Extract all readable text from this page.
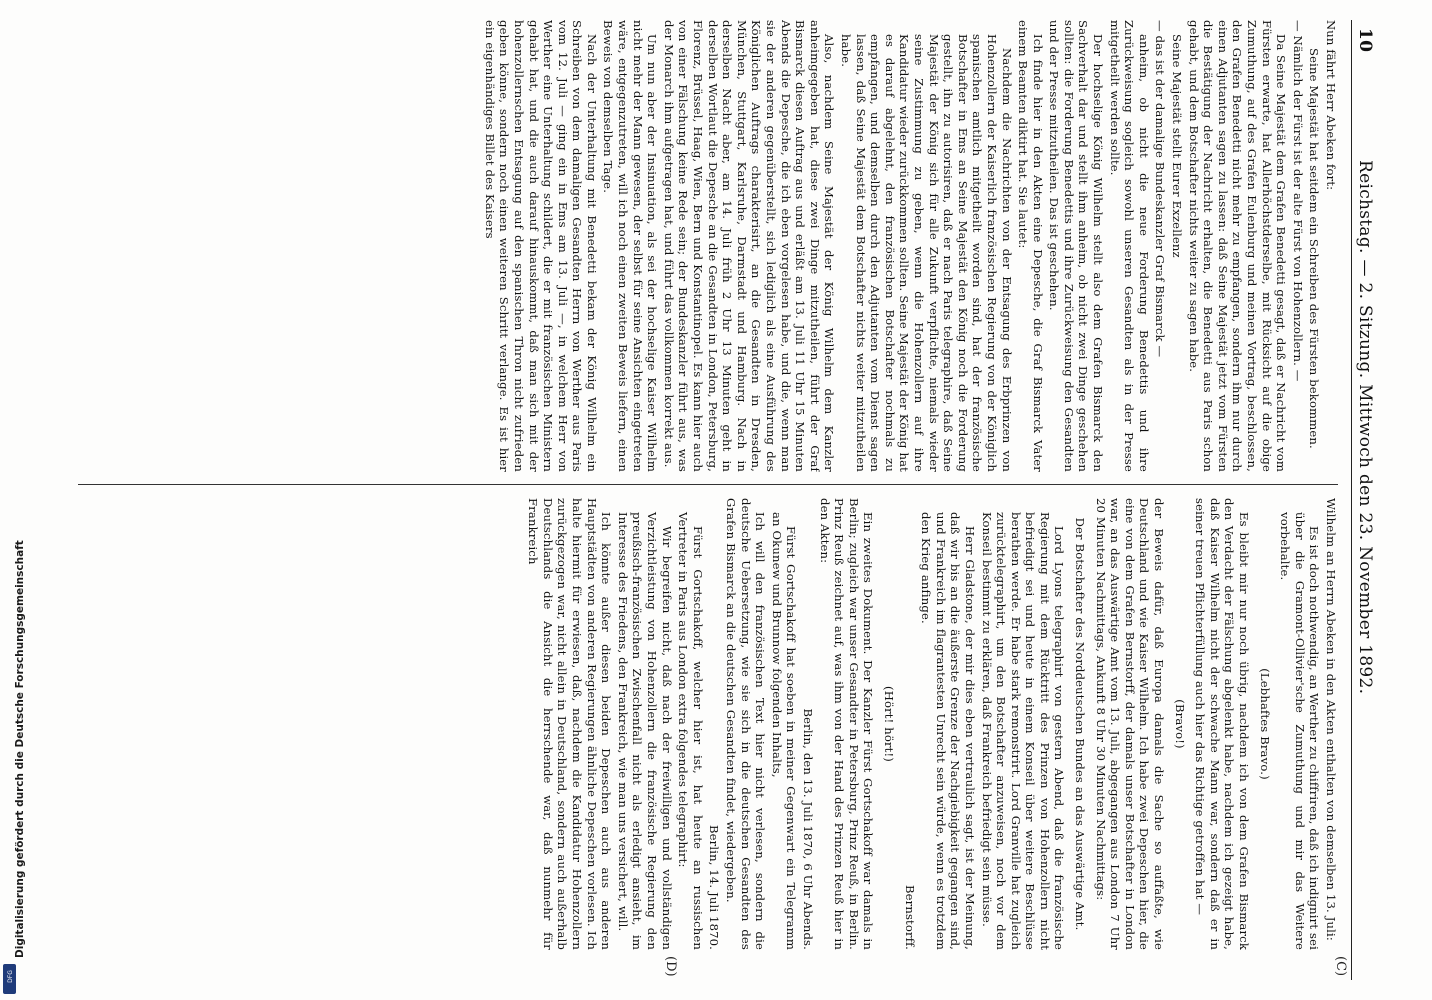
10
Reichstag. — 2. Sitzung. Mittwoch den 23. November 1892.
(C)
(D)

Nun fährt Herr Abeken fort:

Seine Majestät hat seitdem ein Schreiben des Fürsten bekommen.

— Nämlich der Fürst ist der alte Fürst von Hohenzollern. —

Da Seine Majestät dem Grafen Benedetti gesagt, daß er Nachricht vom Fürsten erwarte, hat Allerhöchstderselbe, mit Rücksicht auf die obige Zumuthung, auf des Grafen Eulenburg und meinen Vortrag, beschlossen, den Grafen Benedetti nicht mehr zu empfangen, sondern ihm nur durch einen Adjutanten sagen zu lassen: daß Seine Majestät jetzt vom Fürsten die Bestätigung der Nachricht erhalten, die Benedetti aus Paris schon gehabt, und dem Botschafter nichts weiter zu sagen habe.

Seine Majestät stellt Eurer Exzellenz

— das ist der damalige Bundeskanzler Graf Bismarck —

anheim, ob nicht die neue Forderung Benedettis und ihre Zurückweisung sogleich sowohl unseren Gesandten als in der Presse mitgetheilt werden sollte.

Der hochselige König Wilhelm stellt also dem Grafen Bismarck den Sachverhalt dar und stellt ihm anheim, ob nicht zwei Dinge geschehen sollten: die Forderung Benedettis und ihre Zurückweisung den Gesandten und der Presse mitzutheilen. Das ist geschehen.

Ich finde hier in den Akten eine Depesche, die Graf Bismarck Vater einem Beamten diktirt hat. Sie lautet:

Nachdem die Nachrichten von der Entsagung des Erbprinzen von Hohenzollern der Kaiserlich französischen Regierung von der Königlich spanischen amtlich mitgetheilt worden sind, hat der französische Botschafter in Ems an Seine Majestät den König noch die Forderung gestellt, ihn zu autorisiren, daß er nach Paris telegraphire, daß Seine Majestät der König sich für alle Zukunft verpflichte, niemals wieder seine Zustimmung zu geben, wenn die Hohenzollern auf ihre Kandidatur wieder zurückkommen sollten. Seine Majestät der König hat es darauf abgelehnt, den französischen Botschafter nochmals zu empfangen, und demselben durch den Adjutanten vom Dienst sagen lassen, daß Seine Majestät dem Botschafter nichts weiter mitzutheilen habe.

Also, nachdem Seine Majestät der König Wilhelm dem Kanzler anheimgegeben hat, diese zwei Dinge mitzutheilen, führt der Graf Bismarck diesen Auftrag aus und erläßt am 13. Juli 11 Uhr 15 Minuten Abends die Depesche, die ich eben vorgelesen habe, und die, wenn man sie der anderen gegenüberstellt, sich lediglich als eine Ausführung des Königlichen Auftrags charakterisirt, an die Gesandten in Dresden, München, Stuttgart, Karlsruhe, Darmstadt und Hamburg. Nach in derselben Nacht aber, am 14. Juli früh 2 Uhr 13 Minuten geht in derselben Wortlaut die Depesche an die Gesandten in London, Petersburg, Florenz, Brüssel, Haag, Wien, Bern und Konstantinopel. Es kann hier auch von einer Fälschung keine Rede sein; der Bundeskanzler führt aus, was der Monarch ihm aufgetragen hat, und führt das vollkommen korrekt aus.

Um nun aber der Insinuation, als sei der hochselige Kaiser Wilhelm nicht mehr der Mann gewesen, der selbst für seine Ansichten eingetreten wäre, entgegenzutreten, will ich noch einen zweiten Beweis liefern, einen Beweis von demselben Tage.

Nach der Unterhaltung mit Benedetti bekam der König Wilhelm ein Schreiben von dem damaligen Gesandten Herrn von Werther aus Paris vom 12. Juli — ging ein in Ems am 13. Juli —, in welchem Herr von Werther eine Unterhaltung schildert, die er mit französischen Ministern gehabt hat, und die auch darauf hinauskommt, daß man sich mit der hohenzollernschen Entsagung auf den spanischen Thron nicht zufrieden geben könne, sondern noch einen weiteren Schritt verlange. Es ist hier ein eigenhändiges Billet des Kaisers

Wilhelm an Herrn Abeken in den Akten enthalten von demselben 13. Juli:

Es ist doch nothwendig, an Werther zu chiffriren, daß ich indignirt sei über die Gramont-Ollivier'sche Zumuthung und mir das Weitere vorbehalte.

(Lebhaftes Bravo.)

Es bleibt mir nur noch übrig, nachdem ich von dem Grafen Bismarck den Verdacht der Fälschung abgelenkt habe, nachdem ich gezeigt habe, daß Kaiser Wilhelm nicht der schwache Mann war, sondern daß er in seiner treuen Pflichterfüllung auch hier das Richtige getroffen hat —

(Bravo!)

der Beweis dafür, daß Europa damals die Sache so auffaßte, wie Deutschland und wie Kaiser Wilhelm. Ich habe zwei Depeschen hier, die eine von dem Grafen Bernstorff, der damals unser Botschafter in London war, an das Auswärtige Amt vom 13. Juli, abgegangen aus London 7 Uhr 20 Minuten Nachmittags, Ankunft 8 Uhr 30 Minuten Nachmittags:

Der Botschafter des Norddeutschen Bundes an das Auswärtige Amt.

Lord Lyons telegraphirt von gestern Abend, daß die französische Regierung mit dem Rücktritt des Prinzen von Hohenzollern nicht befriedigt sei und heute in einem Konseil über weitere Beschlüsse berathen werde. Er habe stark remonstrirt. Lord Granville hat zugleich zurücktelegraphirt, um den Botschafter anzuweisen, noch vor dem Konseil bestimmt zu erklären, daß Frankreich befriedigt sein müsse.

Herr Gladstone, der mir dies eben vertraulich sagt, ist der Meinung, daß wir bis an die äußerste Grenze der Nachgiebigkeit gegangen sind, und Frankreich im flagrantesten Unrecht sein würde, wenn es trotzdem den Krieg anfinge.

Bernstorff.

(Hört! hört!)

Ein zweites Dokument. Der Kanzler Fürst Gortschakoff war damals in Berlin; zugleich war unser Gesandter in Petersburg, Prinz Reuß, in Berlin. Prinz Reuß zeichnet auf, was ihm von der Hand des Prinzen Reuß hier in den Akten:

Berlin, den 13. Juli 1870, 6 Uhr Abends.

Fürst Gortschakoff hat soeben in meiner Gegenwart ein Telegramm an Okunew und Brunnow folgenden Inhalts,

Ich will den französischen Text hier nicht verlesen, sondern die deutsche Uebersetzung, wie sie sich in die deutschen Gesandten des Grafen Bismarck an die deutschen Gesandten findet, wiedergeben.

Berlin, 14. Juli 1870.

Fürst Gortschakoff, welcher hier ist, hat heute an russischen Vertreter in Paris aus London extra folgendes telegraphirt:

Wir begreifen nicht, daß nach der freiwilligen und vollständigen Verzichtleistung von Hohenzollern die französische Regierung den preußisch-französischen Zwischenfall nicht als erledigt ansieht, im Interesse des Friedens, den Frankreich, wie man uns versichert, will.

Ich könnte außer diesen beiden Depeschen auch aus anderen Hauptstädten von anderen Regierungen ähnliche Depeschen vorlesen. Ich halte hiermit für erwiesen, daß, nachdem die Kandidatur Hohenzollern zurückgezogen war, nicht allein in Deutschland, sondern auch außerhalb Deutschlands die Ansicht die herrschende war, daß nunmehr für Frankreich

DFG
Digitalisierung gefördert durch die Deutsche Forschungsgemeinschaft
